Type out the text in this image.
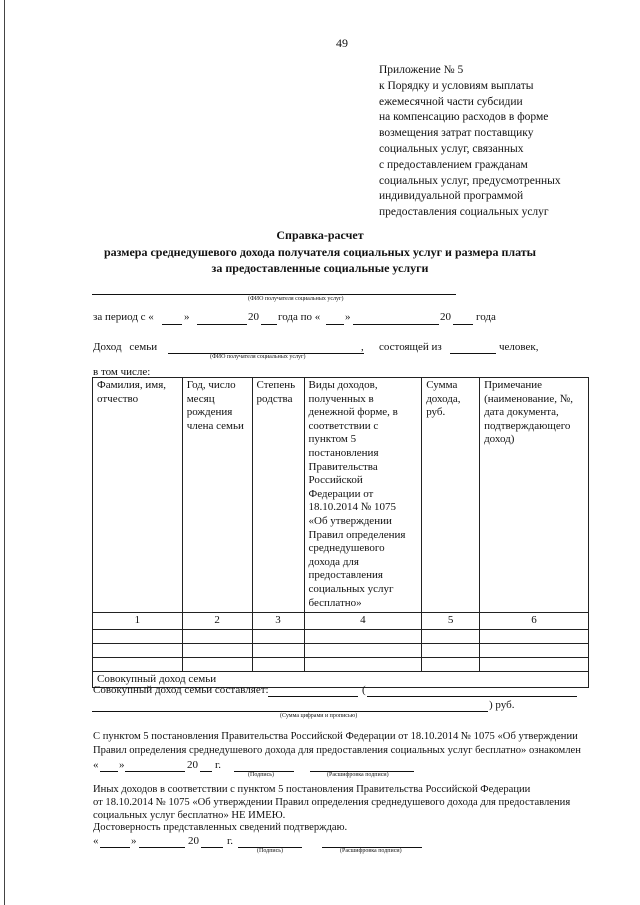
49
Приложение № 5
к Порядку и условиям выплаты
ежемесячной части субсидии
на компенсацию расходов в форме
возмещения затрат поставщику
социальных услуг, связанных
с предоставлением гражданам
социальных услуг, предусмотренных
индивидуальной программой
предоставления социальных услуг
Справка-расчет
размера среднедушевого дохода получателя социальных услуг и размера платы
за предоставленные социальные услуги
(ФИО получателя социальных услуг)
за период с «	»	20 года по « »	20 года
Доход семьи	, состоящей из	человек,
(ФИО получателя социальных услуг)
в том числе:
Фамилия, имя, отчество	Год, число месяц рождения члена семьи	Степень родства	Виды доходов, полученных в денежной форме, в соответствии с пунктом 5 постановления Правительства Российской Федерации от 18.10.2014 № 1075 «Об утверждении Правил определения среднедушевого дохода для предоставления социальных услуг бесплатно»	Сумма дохода, руб.	Примечание (наименование, №, дата документа, подтверждающего доход)
1	2	3	4	5	6

Совокупный доход семьи					
Совокупный доход семьи составляет:	(
) руб.
(Сумма цифрами и прописью)
С пунктом 5 постановления Правительства Российской Федерации от 18.10.2014 № 1075 «Об утверждении
Правил определения среднедушевого дохода для предоставления социальных услуг бесплатно» ознакомлен
« »	20 г.
(Подпись)	(Расшифровка подписи)
Иных доходов в соответствии с пунктом 5 постановления Правительства Российской Федерации
от 18.10.2014 № 1075 «Об утверждении Правил определения среднедушевого дохода для предоставления
социальных услуг бесплатно» НЕ ИМЕЮ.
Достоверность представленных сведений подтверждаю.
«	»	20	г.
(Подпись)	(Расшифровка подписи)
